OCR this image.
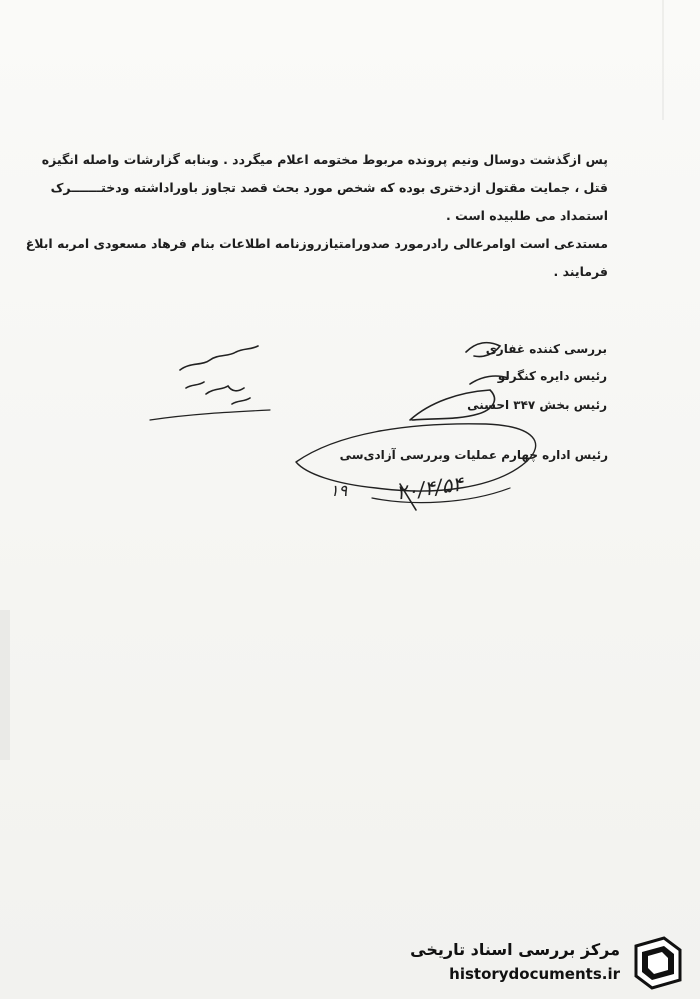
پس ازگذشت دوسال ونیم پرونده مربوط مختومه اعلام میگردد . وبنابه گزارشات واصله انگیزه

قتل ، جمایت مقتول ازدختری بوده که شخص مورد بحث قصد تجاوز باوراداشته ودخت‍‍‍‍‍‍ـــــــرک

استمداد می طلبیده است .

مستدعی است اوامرعالی رادرمورد صدورامتیازروزنامه اطلاعات بنام فرهاد مسعودی امربه ابلاغ

فرمایند .

بررسی کننده غفاری
رئیس دایره کنگرلو
رئیس بخش ۳۴۷ احسنی
رئیس اداره چهارم عملیات وبررسی آزادی‌سی
۱۹ ۲۰/۴/۵۴
مرکز بررسی اسناد تاریخی
historydocuments.ir
